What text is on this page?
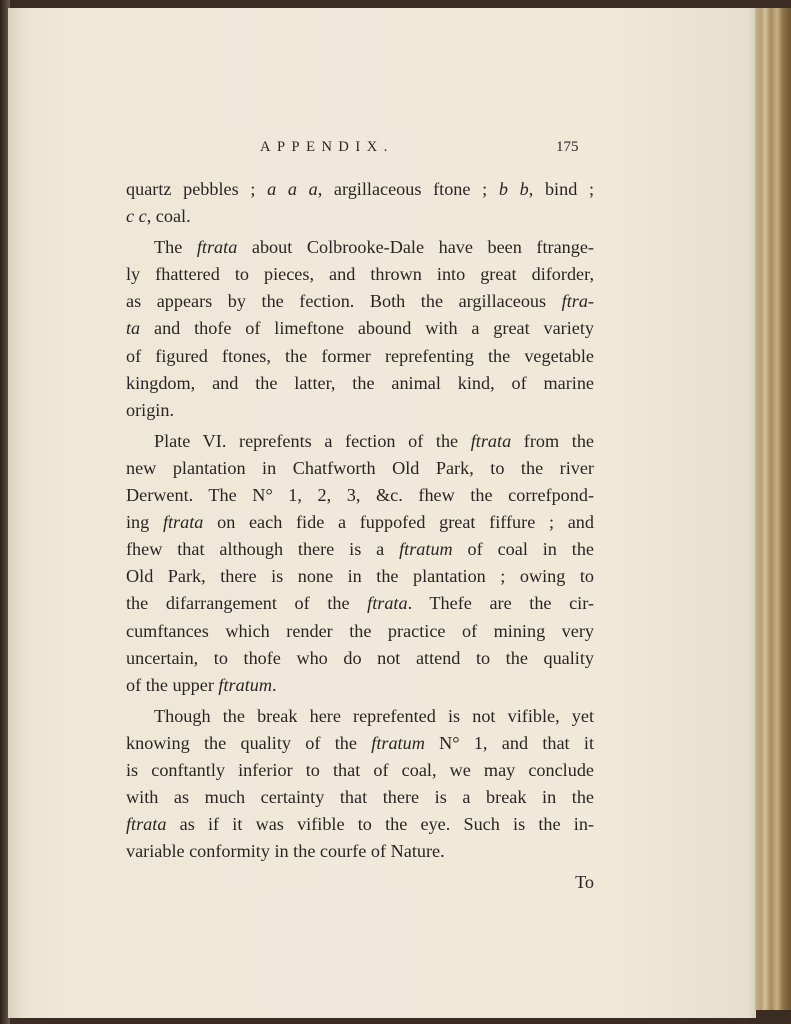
APPENDIX.	175
quartz pebbles ; a a a, argillaceous ftone ; b b, bind ;
c c, coal.
The ftrata about Colbrooke-Dale have been ftrange-
ly fhattered to pieces, and thrown into great diforder,
as appears by the fection. Both the argillaceous ftra-
ta and thofe of limeftone abound with a great variety
of figured ftones, the former reprefenting the vegetable
kingdom, and the latter, the animal kind, of marine
origin.
Plate VI. reprefents a fection of the ftrata from the
new plantation in Chatfworth Old Park, to the river
Derwent. The N° 1, 2, 3, &c. fhew the correfpond-
ing ftrata on each fide a fuppofed great fiffure ; and
fhew that although there is a ftratum of coal in the
Old Park, there is none in the plantation ; owing to
the difarrangement of the ftrata. Thefe are the cir-
cumftances which render the practice of mining very
uncertain, to thofe who do not attend to the quality
of the upper ftratum.
Though the break here reprefented is not vifible, yet
knowing the quality of the ftratum N° 1, and that it
is conftantly inferior to that of coal, we may conclude
with as much certainty that there is a break in the
ftrata as if it was vifible to the eye. Such is the in-
variable conformity in the courfe of Nature.
To
